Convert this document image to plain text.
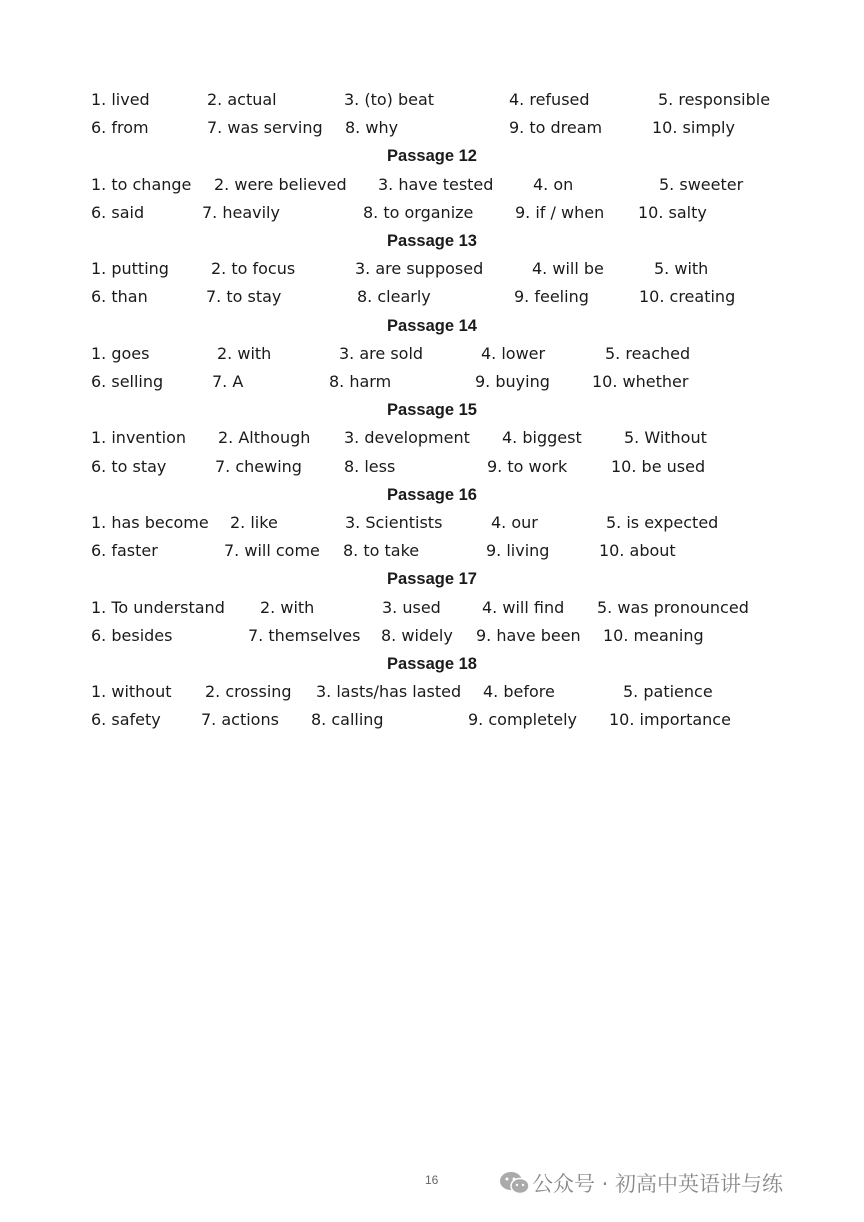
1. lived	2. actual	3. (to) beat	4. refused	5. responsible
6. from	7. was serving 8. why	9. to dream	10. simply
Passage 12
1. to change 2. were believed 3. have tested 4. on	5. sweeter
6. said	7. heavily	8. to organize	9. if / when 10. salty
Passage 13
1. putting	2. to focus	3. are supposed	4. will be	5. with
6. than	7. to stay	8. clearly	9. feeling	10. creating
Passage 14
1. goes	2. with	3. are sold	4. lower	5. reached
6. selling	7. A	8. harm	9. buying	10. whether
Passage 15
1. invention 2. Although 3. development 4. biggest	5. Without
6. to stay	7. chewing	8. less	9. to work	10. be used
Passage 16
1. has become 2. like	3. Scientists	4. our	5. is expected
6. faster	7. will come 8. to take	9. living	10. about
Passage 17
1. To understand 2. with	3. used	4. will find 5. was pronounced
6. besides	7. themselves 8. widely 9. have been 10. meaning
Passage 18
1. without 2. crossing 3. lasts/has lasted 4. before	5. patience
6. safety	7. actions 8. calling	9. completely 10. importance
16	公众号 · 初高中英语讲与练
